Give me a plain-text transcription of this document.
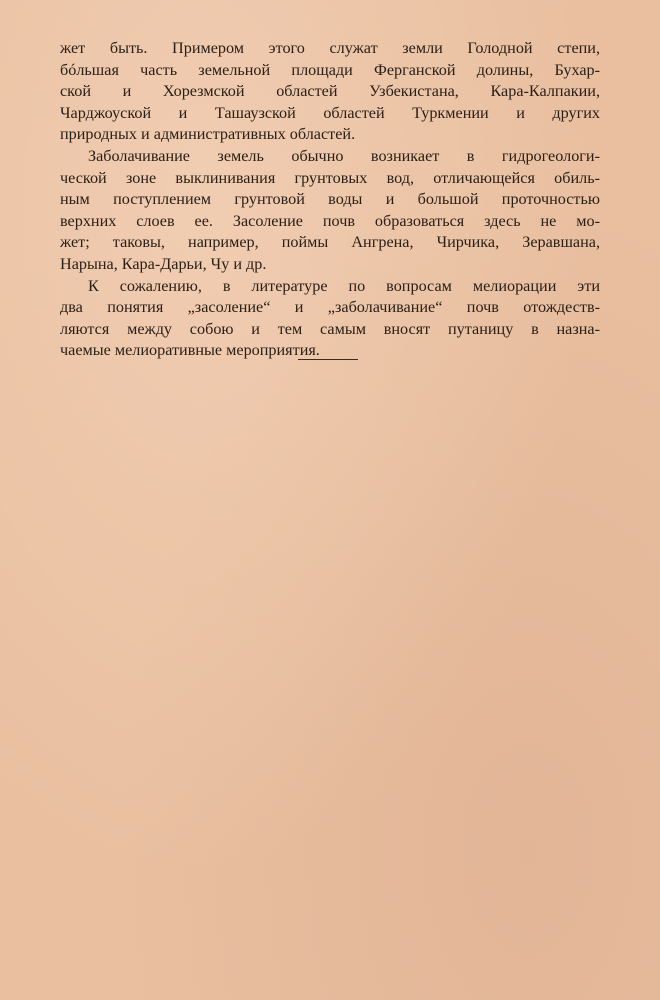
жет быть. Примером этого служат земли Голодной степи,
бóльшая часть земельной площади Ферганской долины, Бухар-
ской и Хорезмской областей Узбекистана, Кара-Калпакии,
Чарджоуской и Ташаузской областей Туркмении и других
природных и административных областей.
Заболачивание земель обычно возникает в гидрогеологи-
ческой зоне выклинивания грунтовых вод, отличающейся обиль-
ным поступлением грунтовой воды и большой проточностью
верхних слоев ее. Засоление почв образоваться здесь не мо-
жет; таковы, например, поймы Ангрена, Чирчика, Зеравшана,
Нарына, Кара-Дарьи, Чу и др.
К сожалению, в литературе по вопросам мелиорации эти
два понятия „засоление“ и „заболачивание“ почв отождеств-
ляются между собою и тем самым вносят путаницу в назна-
чаемые мелиоративные мероприятия.
